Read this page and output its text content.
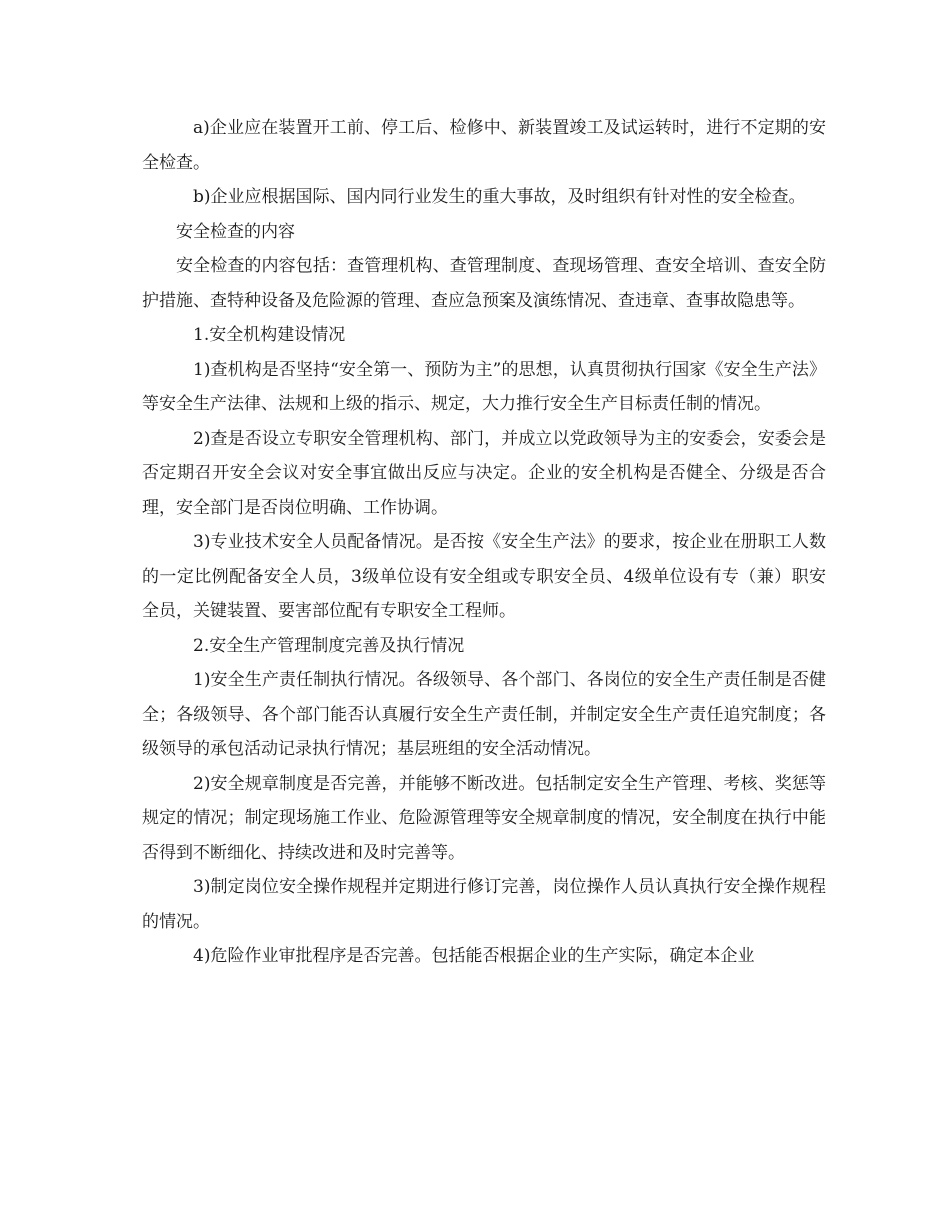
a)企业应在装置开工前、停工后、检修中、新装置竣工及试运转时，进行不定期的安全检查。

b)企业应根据国际、国内同行业发生的重大事故，及时组织有针对性的安全检查。

安全检查的内容

安全检查的内容包括：查管理机构、查管理制度、查现场管理、查安全培训、查安全防护措施、查特种设备及危险源的管理、查应急预案及演练情况、查违章、查事故隐患等。

1.安全机构建设情况

1)查机构是否坚持“安全第一、预防为主”的思想，认真贯彻执行国家《安全生产法》等安全生产法律、法规和上级的指示、规定，大力推行安全生产目标责任制的情况。

2)查是否设立专职安全管理机构、部门，并成立以党政领导为主的安委会，安委会是否定期召开安全会议对安全事宜做出反应与决定。企业的安全机构是否健全、分级是否合理，安全部门是否岗位明确、工作协调。

3)专业技术安全人员配备情况。是否按《安全生产法》的要求，按企业在册职工人数的一定比例配备安全人员，3级单位设有安全组或专职安全员、4级单位设有专（兼）职安全员，关键装置、要害部位配有专职安全工程师。

2.安全生产管理制度完善及执行情况

1)安全生产责任制执行情况。各级领导、各个部门、各岗位的安全生产责任制是否健全；各级领导、各个部门能否认真履行安全生产责任制，并制定安全生产责任追究制度；各级领导的承包活动记录执行情况；基层班组的安全活动情况。

2)安全规章制度是否完善，并能够不断改进。包括制定安全生产管理、考核、奖惩等规定的情况；制定现场施工作业、危险源管理等安全规章制度的情况，安全制度在执行中能否得到不断细化、持续改进和及时完善等。

3)制定岗位安全操作规程并定期进行修订完善，岗位操作人员认真执行安全操作规程的情况。

4)危险作业审批程序是否完善。包括能否根据企业的生产实际，确定本企业
